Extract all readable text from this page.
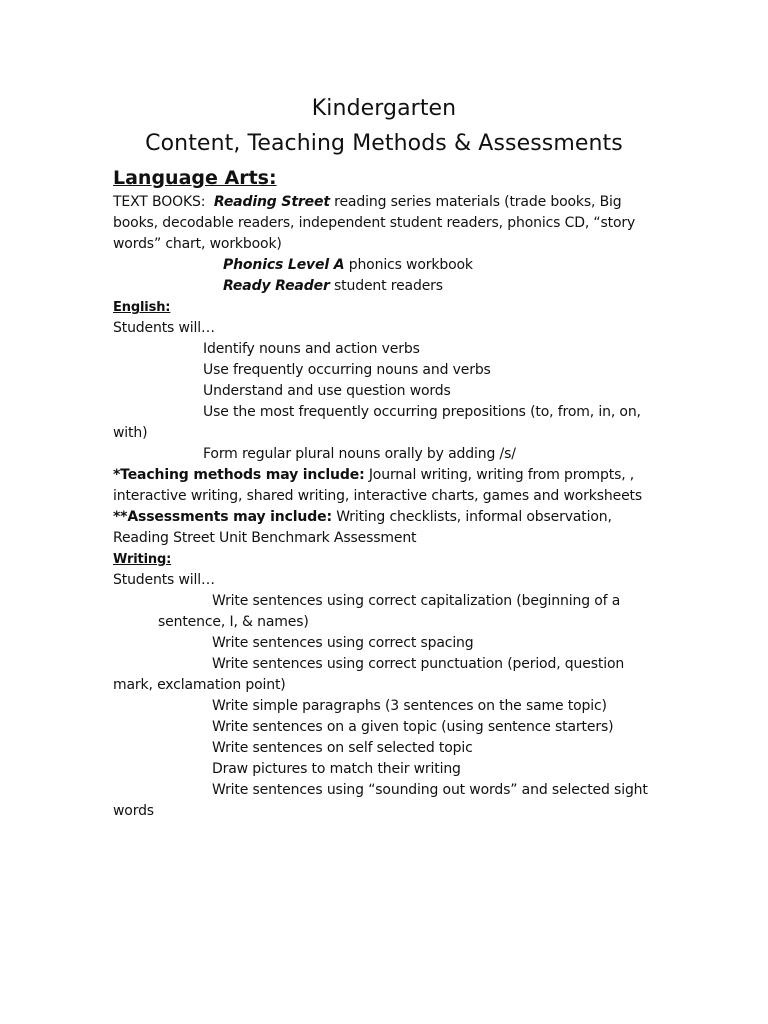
Kindergarten
Content, Teaching Methods & Assessments
Language Arts:

TEXT BOOKS: Reading Street reading series materials (trade books, Big books, decodable readers, independent student readers, phonics CD, “story words” chart, workbook)

Phonics Level A phonics workbook

Ready Reader student readers

English:

Students will…

Identify nouns and action verbs

Use frequently occurring nouns and verbs

Understand and use question words

Use the most frequently occurring prepositions (to, from, in, on,

with)

Form regular plural nouns orally by adding /s/

*Teaching methods may include: Journal writing, writing from prompts, , interactive writing, shared writing, interactive charts, games and worksheets

**Assessments may include: Writing checklists, informal observation, Reading Street Unit Benchmark Assessment

Writing:

Students will…

Write sentences using correct capitalization (beginning of a

sentence, I, & names)

Write sentences using correct spacing

Write sentences using correct punctuation (period, question

mark, exclamation point)

Write simple paragraphs (3 sentences on the same topic)

Write sentences on a given topic (using sentence starters)

Write sentences on self selected topic

Draw pictures to match their writing

Write sentences using “sounding out words” and selected sight

words
